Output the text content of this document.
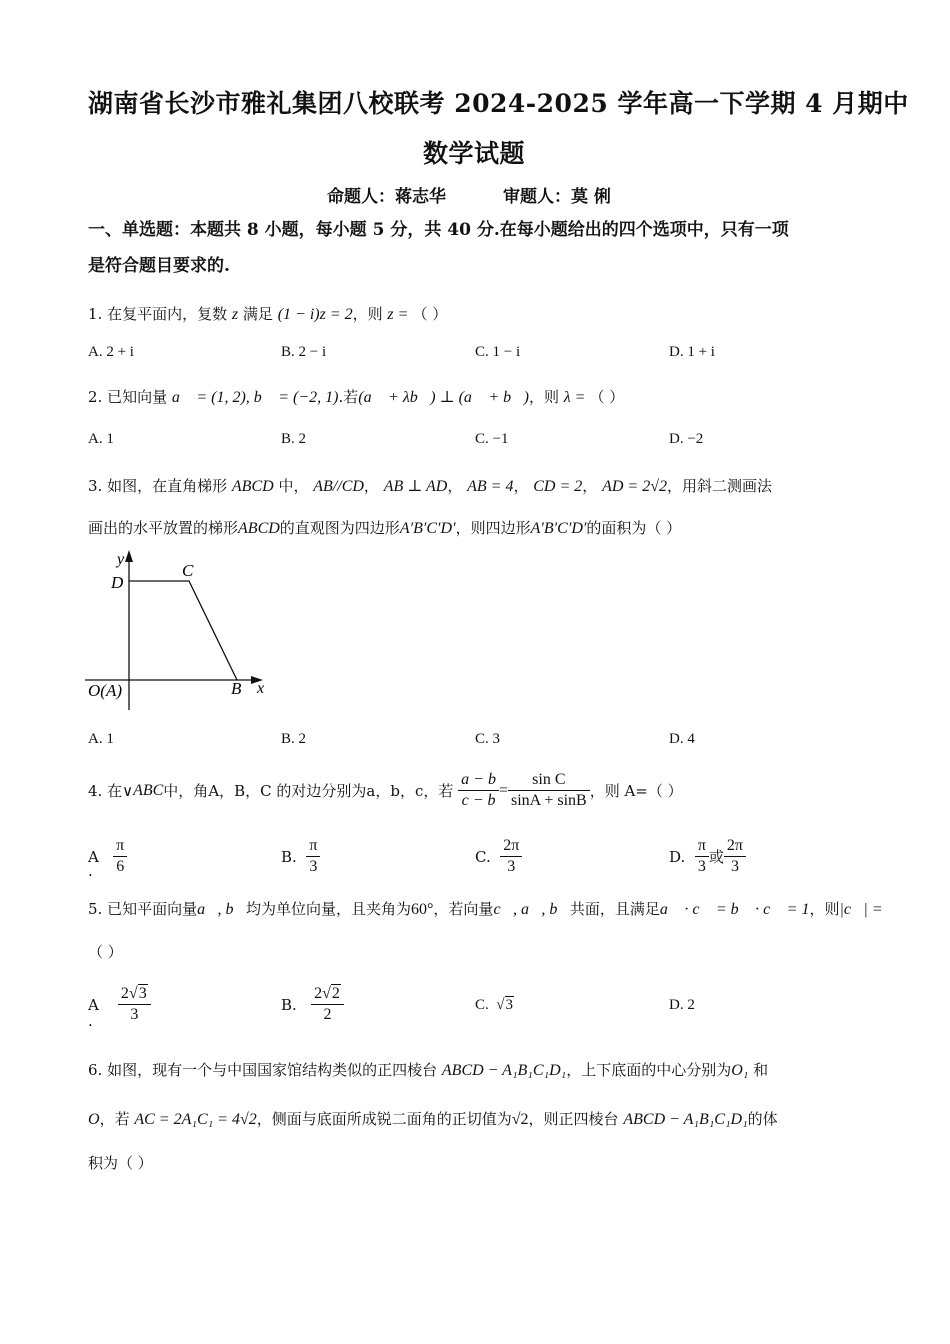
湖南省长沙市雅礼集团八校联考 2024-2025 学年高一下学期 4 月期中
数学试题
命题人：蒋志华	审题人：莫 俐
一、单选题：本题共 8 小题，每小题 5 分，共 40 分.在每小题给出的四个选项中，只有一项
是符合题目要求的.
1. 在复平面内，复数 z 满足 (1 − i)z = 2，则 z = （ ）
A. 2 + i	B. 2 − i	C. 1 − i	D. 1 + i
2. 已知向量 a⃗ = (1, 2), b⃗ = (−2, 1).若(a⃗ + λb⃗) ⊥ (a⃗ + b⃗)，则 λ = （ ）
A. 1	B. 2	C. −1	D. −2
3. 如图，在直角梯形 ABCD 中， AB//CD， AB ⊥ AD， AB = 4， CD = 2， AD = 2√2，用斜二测画法
画出的水平放置的梯形ABCD的直观图为四边形A′B′C′D′，则四边形A′B′C′D′的面积为（ ）
y
D
C
B x
O(A)
A. 1	B. 2	C. 3	D. 4
4.
在∨ ABC 中，角 A，B，C 的对边分别为 a，b，c，若
$\frac{a - b}{c - b} = \frac{\text{sin C}}{\sin A + \sin B}$ ，则 A=（ ）
A
$\frac{\pi}{6}$
.
B.
$\frac{\pi}{3}$	C.
$\frac{2\pi}{3}$	D.
$\frac{\pi}{3}$ 或 $\frac{2\pi}{3}$
5. 已知平面向量a⃗, b⃗均为单位向量，且夹角为60°，若向量c⃗, a⃗, b⃗共面，且满足a⃗ · c⃗ = b⃗ · c⃗ = 1，则|c⃗| =
（ ）
A
$\frac{2√3}{3}$
.
B.
$\frac{2√2}{2}$	C.  √3	D. 2
6. 如图，现有一个与中国国家馆结构类似的正四棱台 ABCD − A₁B₁C₁D₁，上下底面的中心分别为O₁ 和
O，若 AC = 2A₁C₁ = 4√2，侧面与底面所成锐二面角的正切值为√2，则正四棱台 ABCD − A₁B₁C₁D₁的体
积为（ ）
